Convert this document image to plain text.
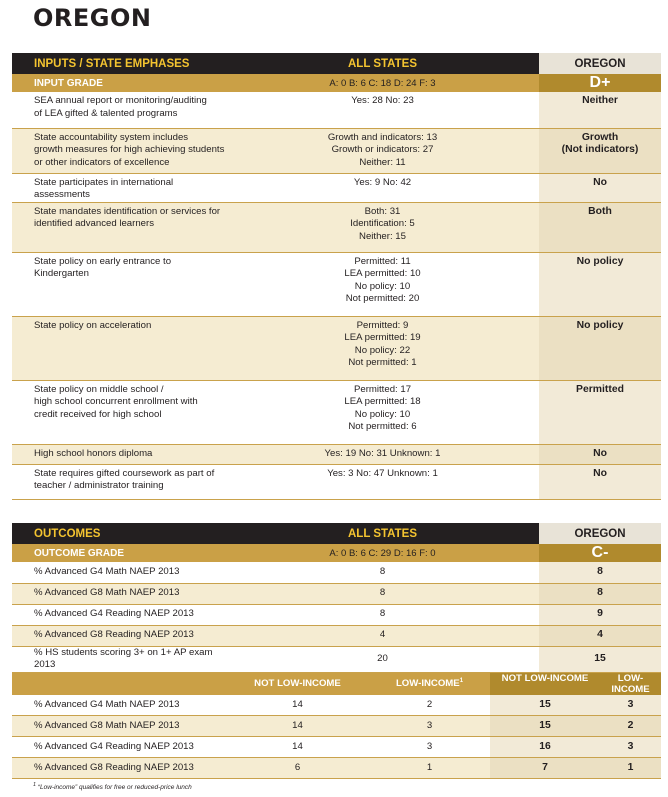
OREGON
INPUTS / STATE EMPHASES	ALL STATES	OREGON
INPUT GRADE	A: 0 B: 6 C: 18 D: 24 F: 3	D+

SEA annual report or monitoring/auditing
of LEA gifted & talented programs	Yes: 28 No: 23	Neither

State accountability system includes
growth measures for high achieving students
or other indicators of excellence	Growth and indicators: 13
Growth or indicators: 27
Neither: 11	Growth
(Not indicators)

State participates in international assessments	Yes: 9 No: 42	No

State mandates identification or services for
identified advanced learners	Both: 31
Identification: 5
Neither: 15	Both

State policy on early entrance to Kindergarten	Permitted: 11
LEA permitted: 10
No policy: 10
Not permitted: 20	No policy

State policy on acceleration	Permitted: 9
LEA permitted: 19
No policy: 22
Not permitted: 1	No policy

State policy on middle school /
high school concurrent enrollment with
credit received for high school	Permitted: 17
LEA permitted: 18
No policy: 10
Not permitted: 6	Permitted

High school honors diploma	Yes: 19 No: 31 Unknown: 1	No

State requires gifted coursework as part of
teacher / administrator training	Yes: 3 No: 47 Unknown: 1	No
OUTCOMES	ALL STATES			OREGON
OUTCOME GRADE	A: 0 B: 6 C: 29 D: 16 F: 0			C-
% Advanced G4 Math NAEP 2013	8			8
% Advanced G8 Math NAEP 2013	8			8
% Advanced G4 Reading NAEP 2013	8			9
% Advanced G8 Reading NAEP 2013	4			4
% HS students scoring 3+ on 1+ AP exam 2013	20			15
	NOT LOW-INCOME	LOW-INCOME$^1$	NOT LOW-INCOME LOW-INCOME	

% Advanced G4 Math NAEP 2013	14	2	15 3	

% Advanced G8 Math NAEP 2013	14	3	15 2	

% Advanced G4 Reading NAEP 2013	14	3	16 3	

% Advanced G8 Reading NAEP 2013	6	1	7 1	
$^1$ “Low-income” qualifies for free or reduced-price lunch
